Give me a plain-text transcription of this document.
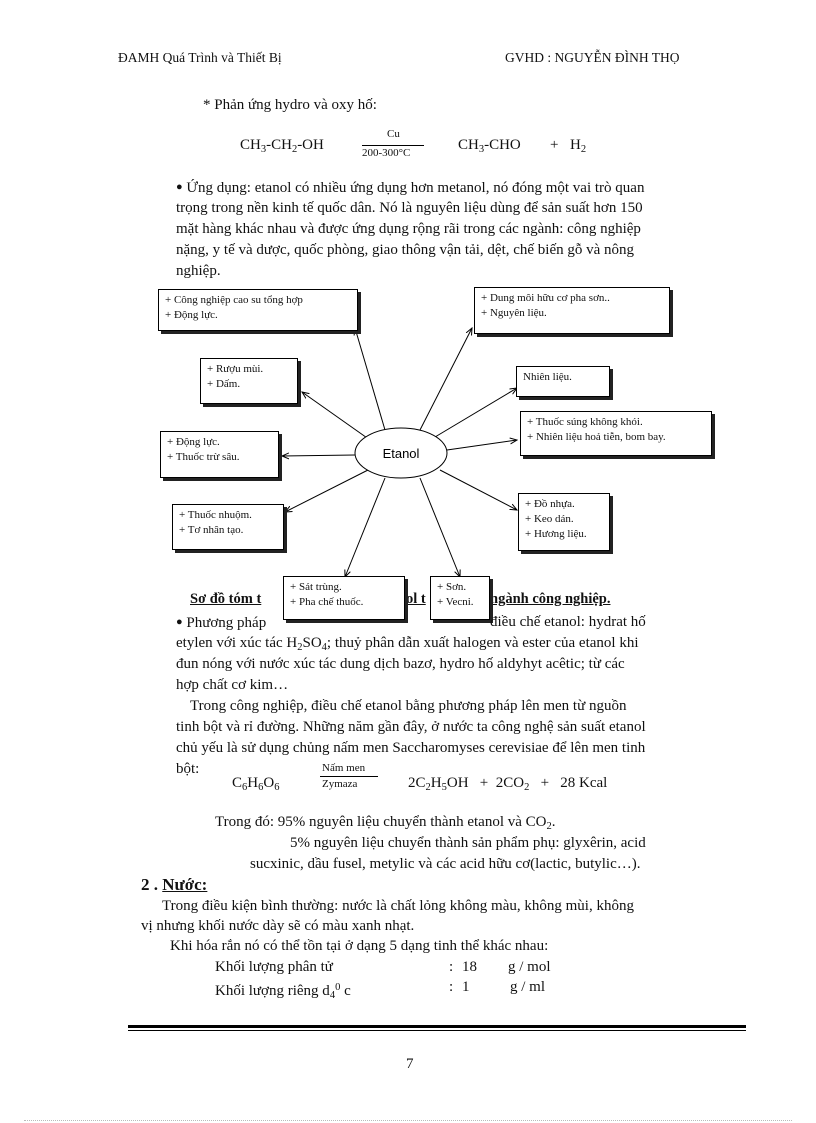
ĐAMH Quá Trình và Thiết Bị	GVHD : NGUYỄN ĐÌNH THỌ
* Phản ứng hydro và oxy hố:
$CH_3-CH_2-OH$
Cu
200-300°C	$CH_3$-CHO + $H_2$
● Ứng dụng: etanol có nhiều ứng dụng hơn metanol, nó đóng một vai trò quan
trọng trong nền kinh tế quốc dân. Nó là nguyên liệu dùng để sản suất hơn 150
mặt hàng khác nhau và được ứng dụng rộng rãi trong các ngành: công nghiệp
nặng, y tế và dược, quốc phòng, giao thông vận tải, dệt, chế biến gỗ và nông
nghiệp.
Etanol
+ Công nghiệp cao su tổng hợp
+ Động lực.
+ Dung môi hữu cơ pha sơn..
+ Nguyên liệu.
+ Rượu mùi.
+ Dấm.
Nhiên liệu.
+ Thuốc súng không khói.
+ Nhiên liệu hoả tiễn, bom bay.
+ Động lực.
+ Thuốc trừ sâu.
+ Đồ nhựa.
+ Keo dán.
+ Hương liệu.
+ Thuốc nhuộm.
+ Tơ nhân tạo.
Sơ đồ tóm t	ol t	ngành công nghiệp.
+ Sát trùng.
+ Pha chế thuốc.
+ Sơn.
+ Vecni.
● Phương pháp	điều chế etanol: hydrat hố
etylen với xúc tác $H_2SO_4$; thuỷ phân dẫn xuất halogen và ester của etanol khi
đun nóng với nước xúc tác dung dịch bazơ, hydro hố aldyhyt acêtic; từ các
hợp chất cơ kim…
Trong công nghiệp, điều chế etanol bằng phương pháp lên men từ nguồn
tinh bột và rỉ đường. Những năm gần đây, ở nước ta công nghệ sản suất etanol
chủ yếu là sử dụng chủng nấm men Saccharomyses cerevisiae để lên men tinh
bột:
$C_6H_6O_6$
Nấm men
Zymaza	$2C_2H_5OH + 2CO_2 + 28$ Kcal
Trong đó: 95% nguyên liệu chuyển thành etanol và $CO_2$.
5% nguyên liệu chuyển thành sản phẩm phụ: glyxêrin, acid
sucxinic, dầu fusel, metylic và các acid hữu cơ(lactic, butylic…).
2 . Nước:
Trong điều kiện bình thường: nước là chất lỏng không màu, không mùi, không
vị nhưng khối nước dày sẽ có màu xanh nhạt.
Khi hóa rắn nó có thể tồn tại ở dạng 5 dạng tinh thể khác nhau:
Khối lượng phân tử	: 18 g / mol
Khối lượng riêng $d_4^0$ c	: 1	g / ml
7
